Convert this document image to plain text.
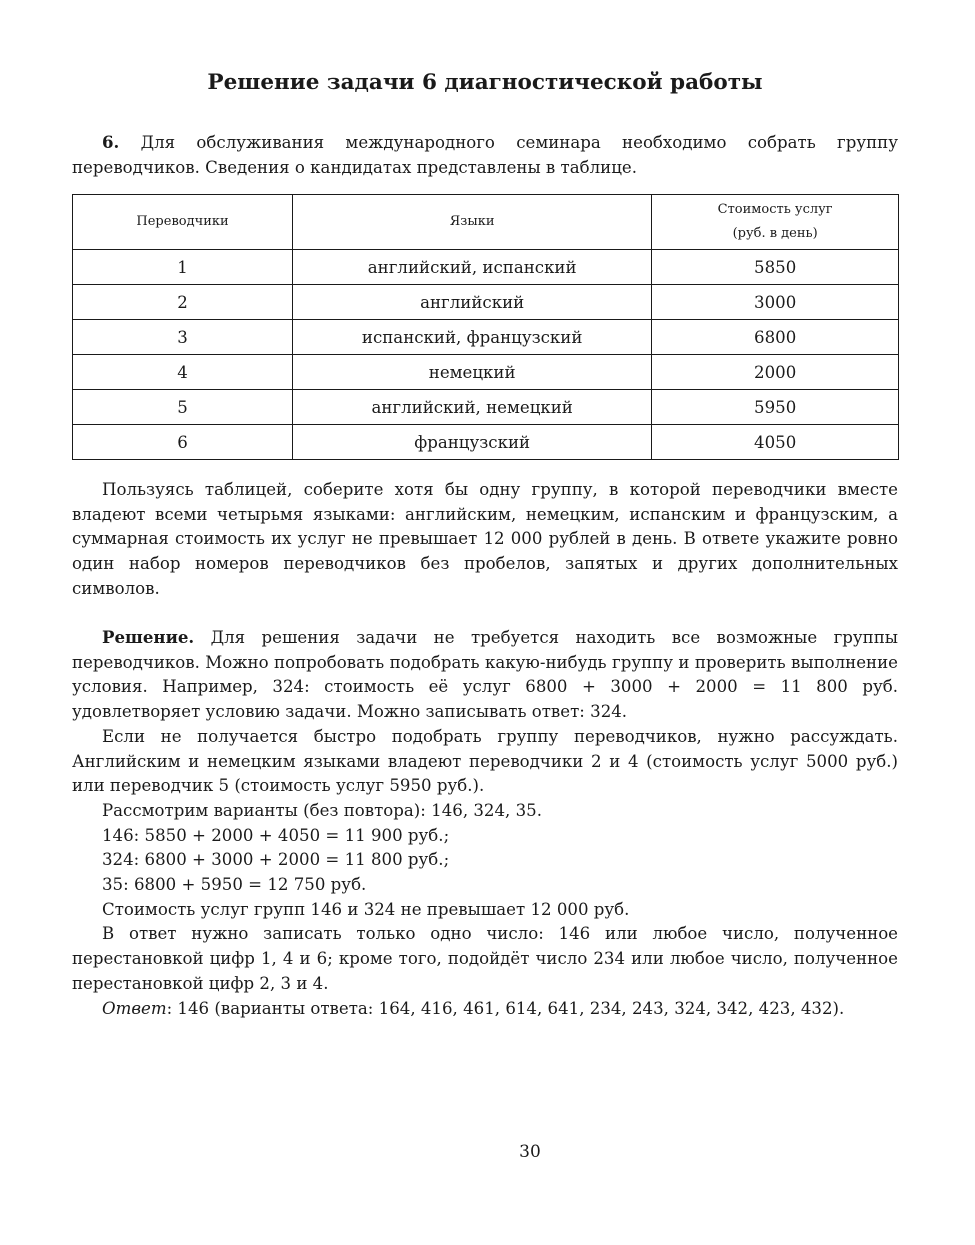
Решение задачи 6 диагностической работы

6. Для обслуживания международного семинара необходимо собрать группу переводчиков. Сведения о кандидатах представлены в таблице.

Переводчики	Языки	Стоимость услуг
(руб. в день)

1	английский, испанский	5850
2	английский	3000
3	испанский, французский	6800
4	немецкий	2000
5	английский, немецкий	5950
6	французский	4050

Пользуясь таблицей, соберите хотя бы одну группу, в которой переводчики вместе владеют всеми четырьмя языками: английским, немецким, испанским и французским, а суммарная стоимость их услуг не превышает 12 000 рублей в день. В ответе укажите ровно один набор номеров переводчиков без пробелов, запятых и других дополнительных символов.

Решение. Для решения задачи не требуется находить все возможные группы переводчиков. Можно попробовать подобрать какую-нибудь группу и проверить выполнение условия. Например, 324: стоимость её услуг 6800 + 3000 + 2000 = 11 800 руб. удовлетворяет условию задачи. Можно записывать ответ: 324.

Если не получается быстро подобрать группу переводчиков, нужно рассуждать. Английским и немецким языками владеют переводчики 2 и 4 (стоимость услуг 5000 руб.) или переводчик 5 (стоимость услуг 5950 руб.).

Рассмотрим варианты (без повтора): 146, 324, 35.

146: 5850 + 2000 + 4050 = 11 900 руб.;

324: 6800 + 3000 + 2000 = 11 800 руб.;

35: 6800 + 5950 = 12 750 руб.

Стоимость услуг групп 146 и 324 не превышает 12 000 руб.

В ответ нужно записать только одно число: 146 или любое число, полученное перестановкой цифр 1, 4 и 6; кроме того, подойдёт число 234 или любое число, полученное перестановкой цифр 2, 3 и 4.

Ответ: 146 (варианты ответа: 164, 416, 461, 614, 641, 234, 243, 324, 342, 423, 432).

30
